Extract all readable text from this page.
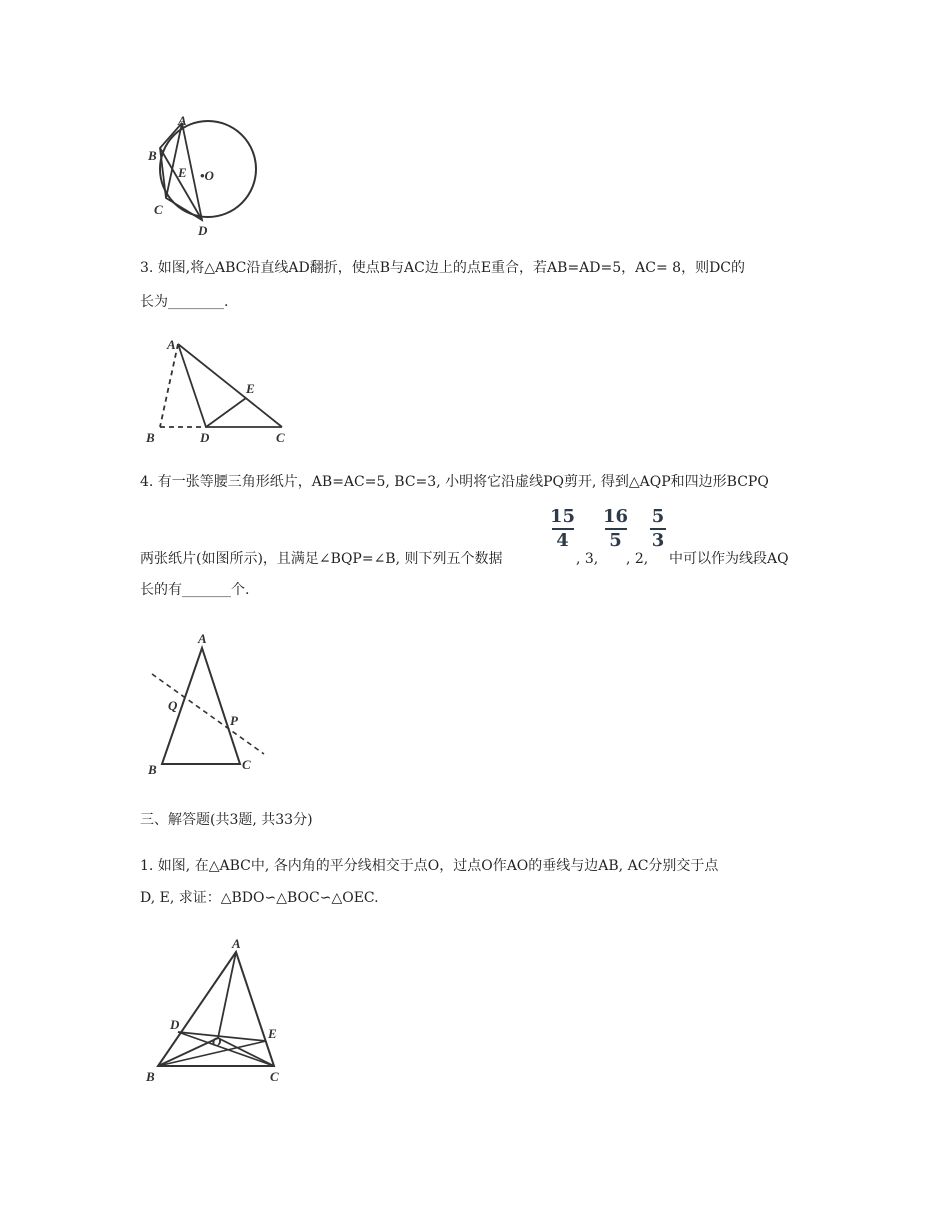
A
B
E •O
C
D
3. 如图,将△ABC沿直线AD翻折，使点B与AC边上的点E重合，若AB=AD=5，AC= 8，则DC的
长为________.
A
E
B	D	C
4. 有一张等腰三角形纸片，AB=AC=5, BC=3, 小明将它沿虚线PQ剪开, 得到△AQP和四边形BCPQ
15
4
16
5
5
3
两张纸片(如图所示)，且满足∠BQP=∠B, 则下列五个数据	, 3, , 2, 中可以作为线段AQ
长的有_______个.
A
Q
P
B	C
三、解答题(共3题, 共33分)
1. 如图, 在△ABC中, 各内角的平分线相交于点O，过点O作AO的垂线与边AB, AC分别交于点
D, E, 求证：△BDO∽△BOC∽△OEC.
A
D
E
O
B	C
